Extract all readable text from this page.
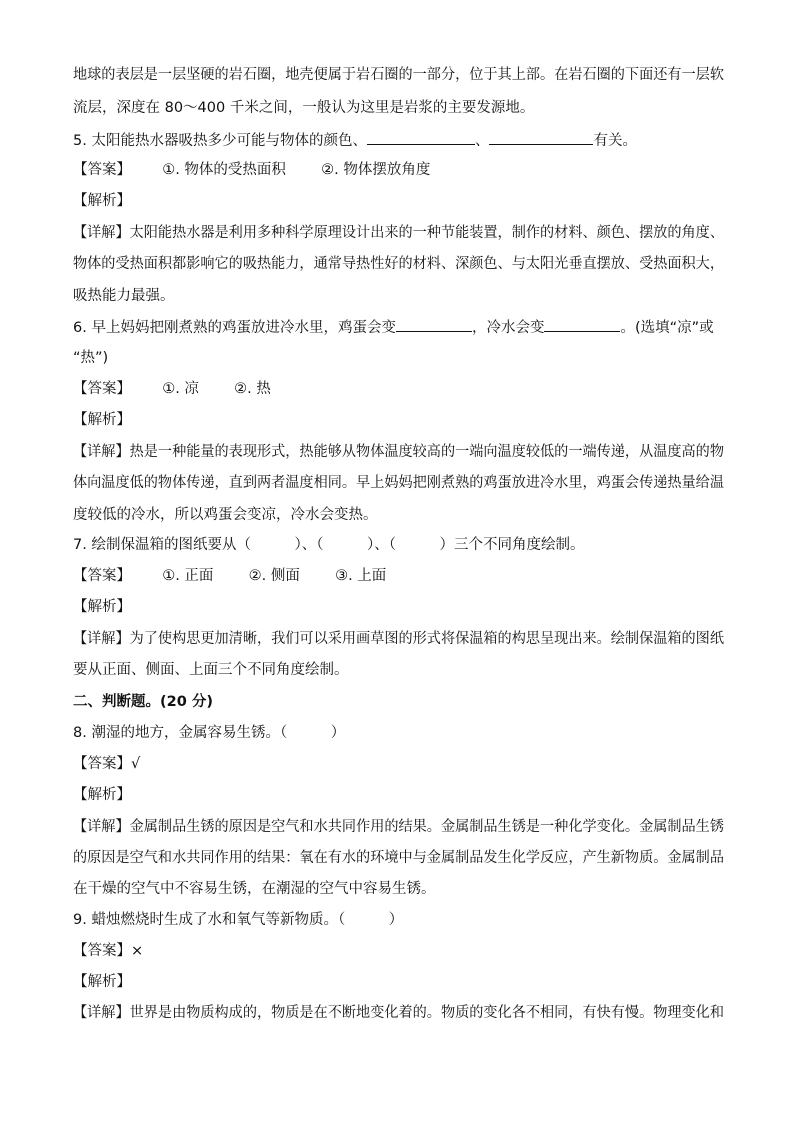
地球的表层是一层坚硬的岩石圈，地壳便属于岩石圈的一部分，位于其上部。在岩石圈的下面还有一层软
流层，深度在 80～400 千米之间，一般认为这里是岩浆的主要发源地。
5. 太阳能热水器吸热多少可能与物体的颜色、	、	有关。
【答案】 ①. 物体的受热面积 ②. 物体摆放角度
【解析】
【详解】太阳能热水器是利用多种科学原理设计出来的一种节能装置，制作的材料、颜色、摆放的角度、
物体的受热面积都影响它的吸热能力，通常导热性好的材料、深颜色、与太阳光垂直摆放、受热面积大，
吸热能力最强。
6. 早上妈妈把刚煮熟的鸡蛋放进冷水里，鸡蛋会变	，冷水会变	。(选填“凉”或
“热”)
【答案】 ①. 凉 ②. 热
【解析】
【详解】热是一种能量的表现形式，热能够从物体温度较高的一端向温度较低的一端传递，从温度高的物
体向温度低的物体传递，直到两者温度相同。早上妈妈把刚煮熟的鸡蛋放进冷水里，鸡蛋会传递热量给温
度较低的冷水，所以鸡蛋会变凉，冷水会变热。
7. 绘制保温箱的图纸要从（　　　）、（　　　）、（　　　）三个不同角度绘制。
【答案】 ①. 正面 ②. 侧面 ③. 上面
【解析】
【详解】为了使构思更加清晰，我们可以采用画草图的形式将保温箱的构思呈现出来。绘制保温箱的图纸
要从正面、侧面、上面三个不同角度绘制。
二、判断题。(20 分)
8. 潮湿的地方，金属容易生锈。（　　　）
【答案】√
【解析】
【详解】金属制品生锈的原因是空气和水共同作用的结果。金属制品生锈是一种化学变化。金属制品生锈
的原因是空气和水共同作用的结果：氧在有水的环境中与金属制品发生化学反应，产生新物质。金属制品
在干燥的空气中不容易生锈，在潮湿的空气中容易生锈。
9. 蜡烛燃烧时生成了水和氧气等新物质。（　　　）
【答案】×
【解析】
【详解】世界是由物质构成的，物质是在不断地变化着的。物质的变化各不相同，有快有慢。物理变化和
